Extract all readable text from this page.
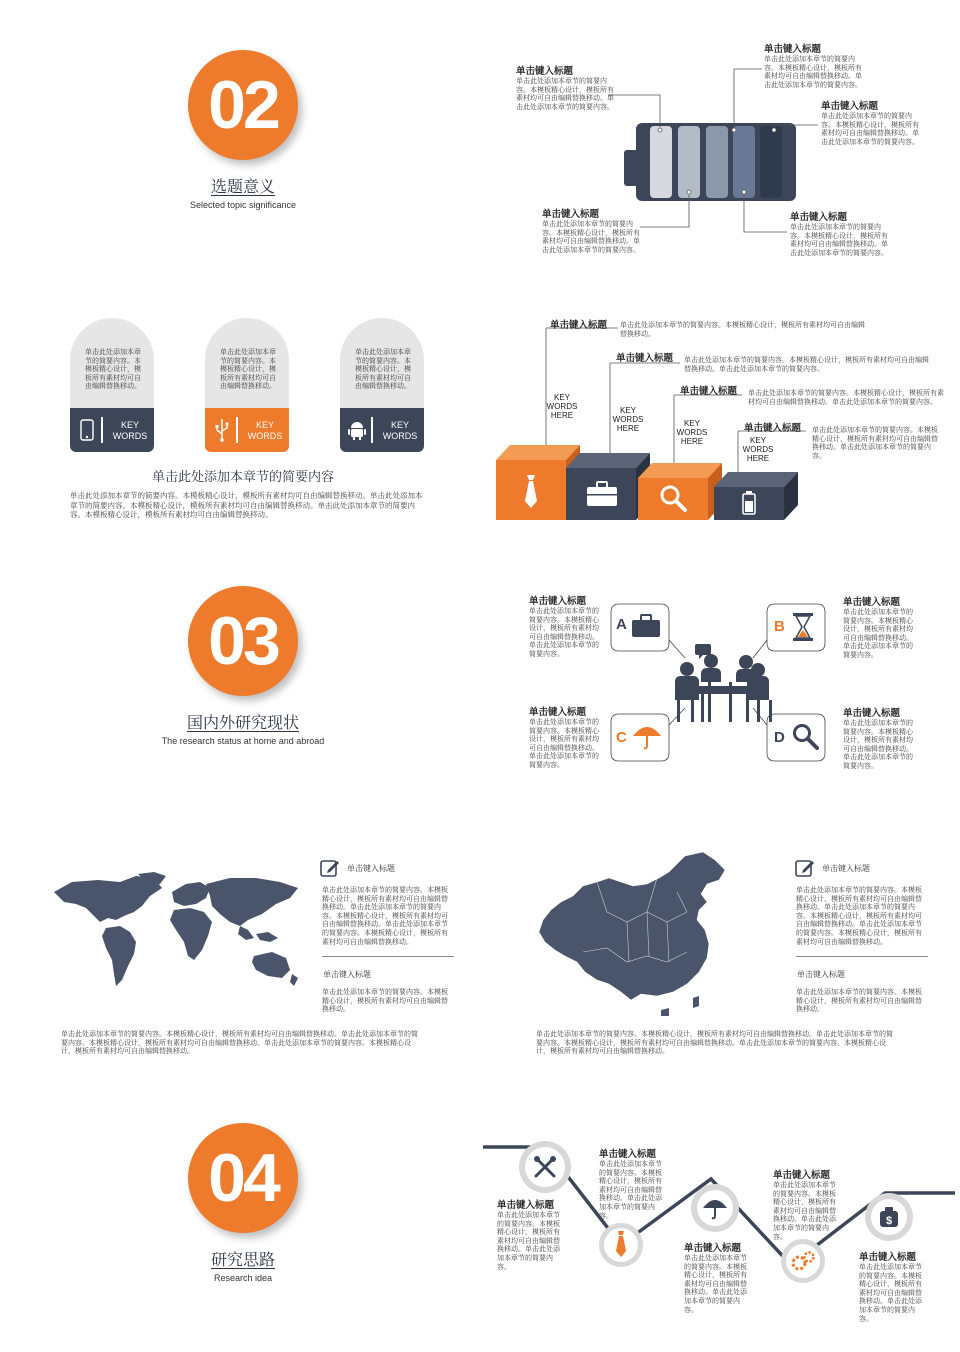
02
选题意义
Selected topic significance
单击键入标题
单击此处添加本章节的简要内容。本模板精心设计，模板所有素材均可自由编辑替换移动。单击此处添加本章节的简要内容。
单击键入标题
单击此处添加本章节的简要内容。本模板精心设计，模板所有素材均可自由编辑替换移动。单击此处添加本章节的简要内容。
单击键入标题
单击此处添加本章节的简要内容。本模板精心设计，模板所有素材均可自由编辑替换移动。单击此处添加本章节的简要内容。
单击键入标题
单击此处添加本章节的简要内容。本模板精心设计，模板所有素材均可自由编辑替换移动。单击此处添加本章节的简要内容。
单击键入标题
单击此处添加本章节的简要内容。本模板精心设计，模板所有素材均可自由编辑替换移动。单击此处添加本章节的简要内容。
单击此处添加本章节的简要内容。本模板精心设计，模板所有素材均可自由编辑替换移动。
KEY
WORDS
单击此处添加本章节的简要内容。本模板精心设计，模板所有素材均可自由编辑替换移动。
KEY
WORDS
单击此处添加本章节的简要内容。本模板精心设计，模板所有素材均可自由编辑替换移动。
KEY
WORDS
单击此处添加本章节的简要内容
单击此处添加本章节的简要内容。本模板精心设计，模板所有素材均可自由编辑替换移动。单击此处添加本章节的简要内容。本模板精心设计，模板所有素材均可自由编辑替换移动。单击此处添加本章节的简要内容。本模板精心设计，模板所有素材均可自由编辑替换移动。
单击键入标题 单击此处添加本章节的简要内容。本模板精心设计，模板所有素材均可自由编辑替换移动。
KEY
WORDS
HERE
单击键入标题 单击此处添加本章节的简要内容。本模板精心设计，模板所有素材均可自由编辑替换移动。单击此处添加本章节的简要内容。
KEY
WORDS
HERE
单击键入标题 单击此处添加本章节的简要内容。本模板精心设计，模板所有素材均可自由编辑替换移动。单击此处添加本章节的简要内容。
KEY
WORDS
HERE
单击键入标题 单击此处添加本章节的简要内容。本模板精心设计，模板所有素材均可自由编辑替换移动。单击此处添加本章节的简要内容。
KEY
WORDS
HERE
03
国内外研究现状
The research status at home and abroad
A	B
C	D
单击键入标题
单击此处添加本章节的简要内容。本模板精心设计，模板所有素材均可自由编辑替换移动。单击此处添加本章节的简要内容。
单击键入标题
单击此处添加本章节的简要内容。本模板精心设计，模板所有素材均可自由编辑替换移动。单击此处添加本章节的简要内容。
单击键入标题
单击此处添加本章节的简要内容。本模板精心设计，模板所有素材均可自由编辑替换移动。单击此处添加本章节的简要内容。
单击键入标题
单击此处添加本章节的简要内容。本模板精心设计，模板所有素材均可自由编辑替换移动。单击此处添加本章节的简要内容。
单击键入标题
单击此处添加本章节的简要内容。本模板精心设计，模板所有素材均可自由编辑替换移动。单击此处添加本章节的简要内容。本模板精心设计，模板所有素材均可自由编辑替换移动。单击此处添加本章节的简要内容。本模板精心设计，模板所有素材均可自由编辑替换移动。
单击键入标题
单击此处添加本章节的简要内容。本模板精心设计，模板所有素材均可自由编辑替换移动。
单击此处添加本章节的简要内容。本模板精心设计，模板所有素材均可自由编辑替换移动。单击此处添加本章节的简要内容。本模板精心设计，模板所有素材均可自由编辑替换移动。单击此处添加本章节的简要内容。本模板精心设计，模板所有素材均可自由编辑替换移动。
单击键入标题
单击此处添加本章节的简要内容。本模板精心设计，模板所有素材均可自由编辑替换移动。单击此处添加本章节的简要内容。本模板精心设计，模板所有素材均可自由编辑替换移动。单击此处添加本章节的简要内容。本模板精心设计，模板所有素材均可自由编辑替换移动。
单击键入标题
单击此处添加本章节的简要内容。本模板精心设计，模板所有素材均可自由编辑替换移动。
单击此处添加本章节的简要内容。本模板精心设计，模板所有素材均可自由编辑替换移动。单击此处添加本章节的简要内容。本模板精心设计，模板所有素材均可自由编辑替换移动。单击此处添加本章节的简要内容。本模板精心设计，模板所有素材均可自由编辑替换移动。
04
研究思路
Research idea
$
单击键入标题
单击此处添加本章节的简要内容。本模板精心设计，模板所有素材均可自由编辑替换移动。单击此处添加本章节的简要内容。
单击键入标题
单击此处添加本章节的简要内容。本模板精心设计，模板所有素材均可自由编辑替换移动。单击此处添加本章节的简要内容。
单击键入标题
单击此处添加本章节的简要内容。本模板精心设计，模板所有素材均可自由编辑替换移动。单击此处添加本章节的简要内容。
单击键入标题
单击此处添加本章节的简要内容。本模板精心设计，模板所有素材均可自由编辑替换移动。单击此处添加本章节的简要内容。
单击键入标题
单击此处添加本章节的简要内容。本模板精心设计，模板所有素材均可自由编辑替换移动。单击此处添加本章节的简要内容。
